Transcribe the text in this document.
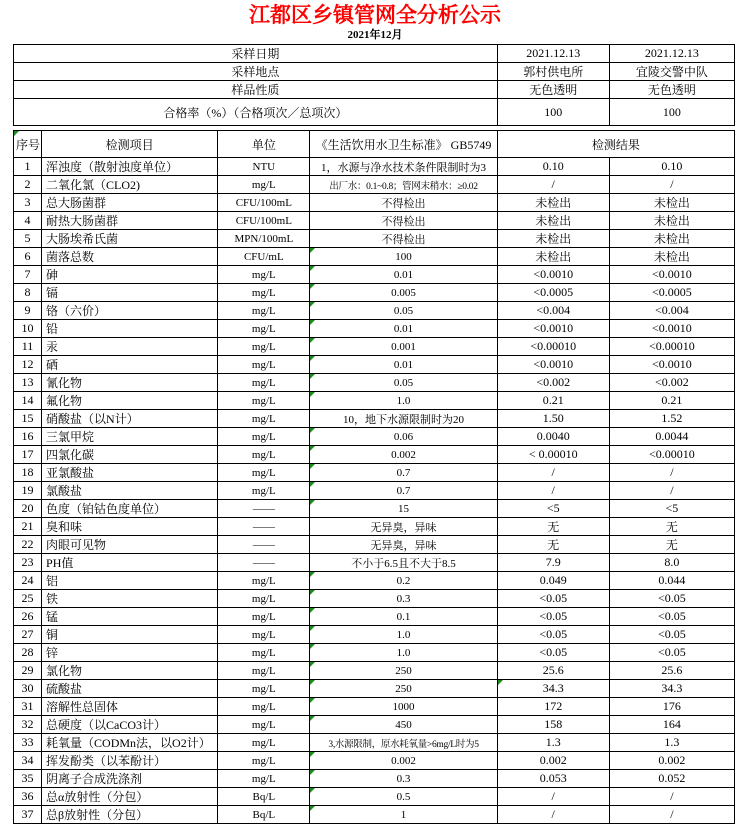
江都区乡镇管网全分析公示

2021年12月

采样日期	2021.12.13	2021.12.13
采样地点	郭村供电所	宜陵交警中队
样品性质	无色透明	无色透明
合格率（%）（合格项次／总项次）	100	100
序号	检测项目	单位	《生活饮用水卫生标准》 GB5749	检测结果	
1	浑浊度（散射浊度单位）	NTU	1，水源与净水技术条件限制时为3	0.10	0.10
2	二氧化氯（CLO2)	mg/L	出厂水：0.1~0.8；管网末稍水：≥0.02	/	/
3	总大肠菌群	CFU/100mL	不得检出	未检出	未检出
4	耐热大肠菌群	CFU/100mL	不得检出	未检出	未检出
5	大肠埃希氏菌	MPN/100mL	不得检出	未检出	未检出
6	菌落总数	CFU/mL	100	未检出	未检出
7	砷	mg/L	0.01	<0.0010	<0.0010
8	镉	mg/L	0.005	<0.0005	<0.0005
9	铬（六价）	mg/L	0.05	<0.004	<0.004
10	铅	mg/L	0.01	<0.0010	<0.0010
11	汞	mg/L	0.001	<0.00010	<0.00010
12	硒	mg/L	0.01	<0.0010	<0.0010
13	氰化物	mg/L	0.05	<0.002	<0.002
14	氟化物	mg/L	1.0	0.21	0.21
15	硝酸盐（以N计）	mg/L	10，地下水源限制时为20	1.50	1.52
16	三氯甲烷	mg/L	0.06	0.0040	0.0044
17	四氯化碳	mg/L	0.002	< 0.00010	<0.00010
18	亚氯酸盐	mg/L	0.7	/	/
19	氯酸盐	mg/L	0.7	/	/
20	色度（铂钴色度单位）	——	15	<5	<5
21	臭和味	——	无异臭，异味	无	无
22	肉眼可见物	——	无异臭，异味	无	无
23	PH值	——	不小于6.5且不大于8.5	7.9	8.0
24	铝	mg/L	0.2	0.049	0.044
25	铁	mg/L	0.3	<0.05	<0.05
26	锰	mg/L	0.1	<0.05	<0.05
27	铜	mg/L	1.0	<0.05	<0.05
28	锌	mg/L	1.0	<0.05	<0.05
29	氯化物	mg/L	250	25.6	25.6
30	硫酸盐	mg/L	250	34.3	34.3
31	溶解性总固体	mg/L	1000	172	176
32	总硬度（以CaCO3计）	mg/L	450	158	164
33	耗氧量（CODMn法，以O2计）	mg/L	3,水源限制，原水耗氧量>6mg/L时为5	1.3	1.3
34	挥发酚类（以苯酚计）	mg/L	0.002	0.002	0.002
35	阴离子合成洗涤剂	mg/L	0.3	0.053	0.052
36	总α放射性（分包）	Bq/L	0.5	/	/
37	总β放射性（分包）	Bq/L	1	/	/
